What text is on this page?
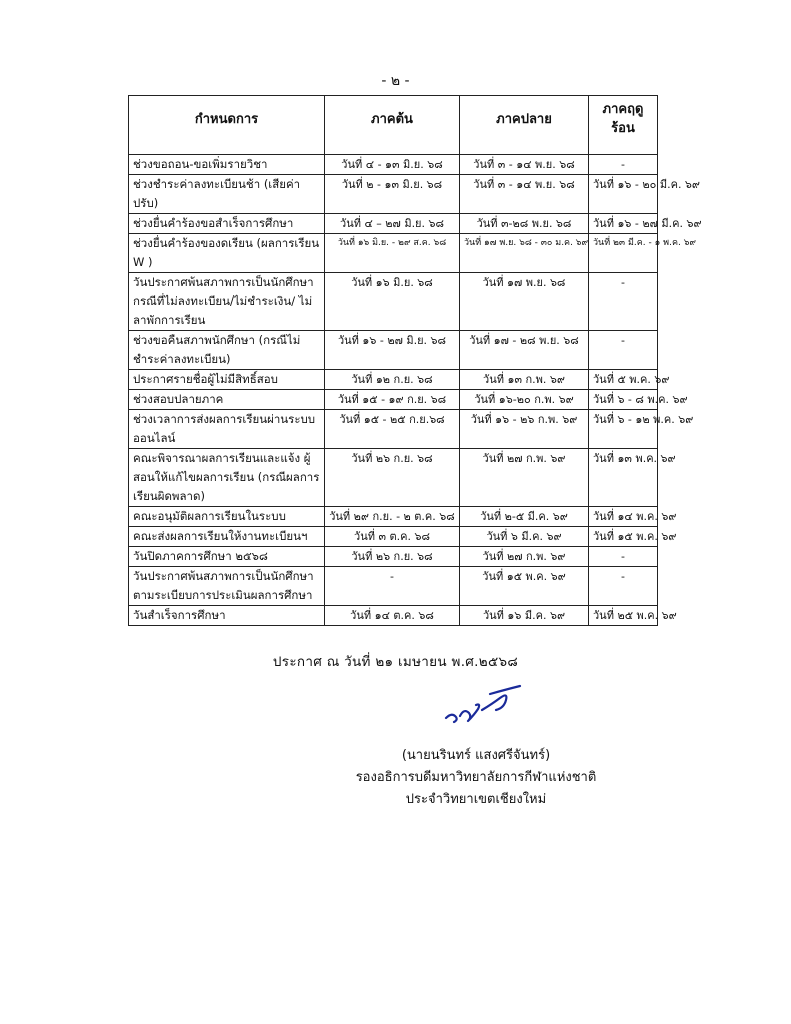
- ๒ -
กำหนดการ	ภาคต้น	ภาคปลาย	ภาคฤดูร้อน
ช่วงขอถอน-ขอเพิ่มรายวิชา	วันที่ ๔ - ๑๓ มิ.ย. ๖๘	วันที่ ๓ - ๑๔ พ.ย. ๖๘	-
ช่วงชำระค่าลงทะเบียนช้า (เสียค่าปรับ)	วันที่ ๒ - ๑๓ มิ.ย. ๖๘	วันที่ ๓ - ๑๔ พ.ย. ๖๘	วันที่ ๑๖ - ๒๐ มี.ค. ๖๙
ช่วงยื่นคำร้องขอสำเร็จการศึกษา	วันที่ ๔ – ๒๗ มิ.ย. ๖๘	วันที่ ๓-๒๘ พ.ย. ๖๘	วันที่ ๑๖ - ๒๗ มี.ค. ๖๙
ช่วงยื่นคำร้องของดเรียน (ผลการเรียน W )	วันที่ ๑๖ มิ.ย. - ๒๙ ส.ค. ๖๘	วันที่ ๑๗ พ.ย. ๖๘ - ๓๐ ม.ค. ๖๙	วันที่ ๒๓ มี.ค. - ๑ พ.ค. ๖๙
วันประกาศพ้นสภาพการเป็นนักศึกษา กรณีที่ไม่ลงทะเบียน/ไม่ชำระเงิน/ ไม่ลาพักการเรียน	วันที่ ๑๖ มิ.ย. ๖๘	วันที่ ๑๗ พ.ย. ๖๘	-
ช่วงขอคืนสภาพนักศึกษา (กรณีไม่ ชำระค่าลงทะเบียน)	วันที่ ๑๖ - ๒๗ มิ.ย. ๖๘	วันที่ ๑๗ - ๒๘ พ.ย. ๖๘	-
ประกาศรายชื่อผู้ไม่มีสิทธิ์สอบ	วันที่ ๑๒ ก.ย. ๖๘	วันที่ ๑๓ ก.พ. ๖๙	วันที่ ๕ พ.ค. ๖๙
ช่วงสอบปลายภาค	วันที่ ๑๕ - ๑๙ ก.ย. ๖๘	วันที่ ๑๖-๒๐ ก.พ. ๖๙	วันที่ ๖ - ๘ พ.ค. ๖๙
ช่วงเวลาการส่งผลการเรียนผ่านระบบ ออนไลน์	วันที่ ๑๕ - ๒๕ ก.ย.๖๘	วันที่ ๑๖ - ๒๖ ก.พ. ๖๙	วันที่ ๖ - ๑๒ พ.ค. ๖๙
คณะพิจารณาผลการเรียนและแจ้ง ผู้สอนให้แก้ไขผลการเรียน (กรณีผลการเรียนผิดพลาด)	วันที่ ๒๖ ก.ย. ๖๘	วันที่ ๒๗ ก.พ. ๖๙	วันที่ ๑๓ พ.ค. ๖๙
คณะอนุมัติผลการเรียนในระบบ	วันที่ ๒๙ ก.ย. - ๒ ต.ค. ๖๘	วันที่ ๒-๕ มี.ค. ๖๙	วันที่ ๑๔ พ.ค. ๖๙
คณะส่งผลการเรียนให้งานทะเบียนฯ	วันที่ ๓ ต.ค. ๖๘	วันที่ ๖ มี.ค. ๖๙	วันที่ ๑๕ พ.ค. ๖๙
วันปิดภาคการศึกษา ๒๕๖๘	วันที่ ๒๖ ก.ย. ๖๘	วันที่ ๒๗ ก.พ. ๖๙	-
วันประกาศพ้นสภาพการเป็นนักศึกษา ตามระเบียบการประเมินผลการศึกษา	-	วันที่ ๑๕ พ.ค. ๖๙	-
วันสำเร็จการศึกษา	วันที่ ๑๔ ต.ค. ๖๘	วันที่ ๑๖ มี.ค. ๖๙	วันที่ ๒๕ พ.ค. ๖๙
ประกาศ ณ วันที่ ๒๑ เมษายน พ.ศ.๒๕๖๘
(นายนรินทร์ แสงศรีจันทร์)
รองอธิการบดีมหาวิทยาลัยการกีฬาแห่งชาติ
ประจำวิทยาเขตเชียงใหม่
